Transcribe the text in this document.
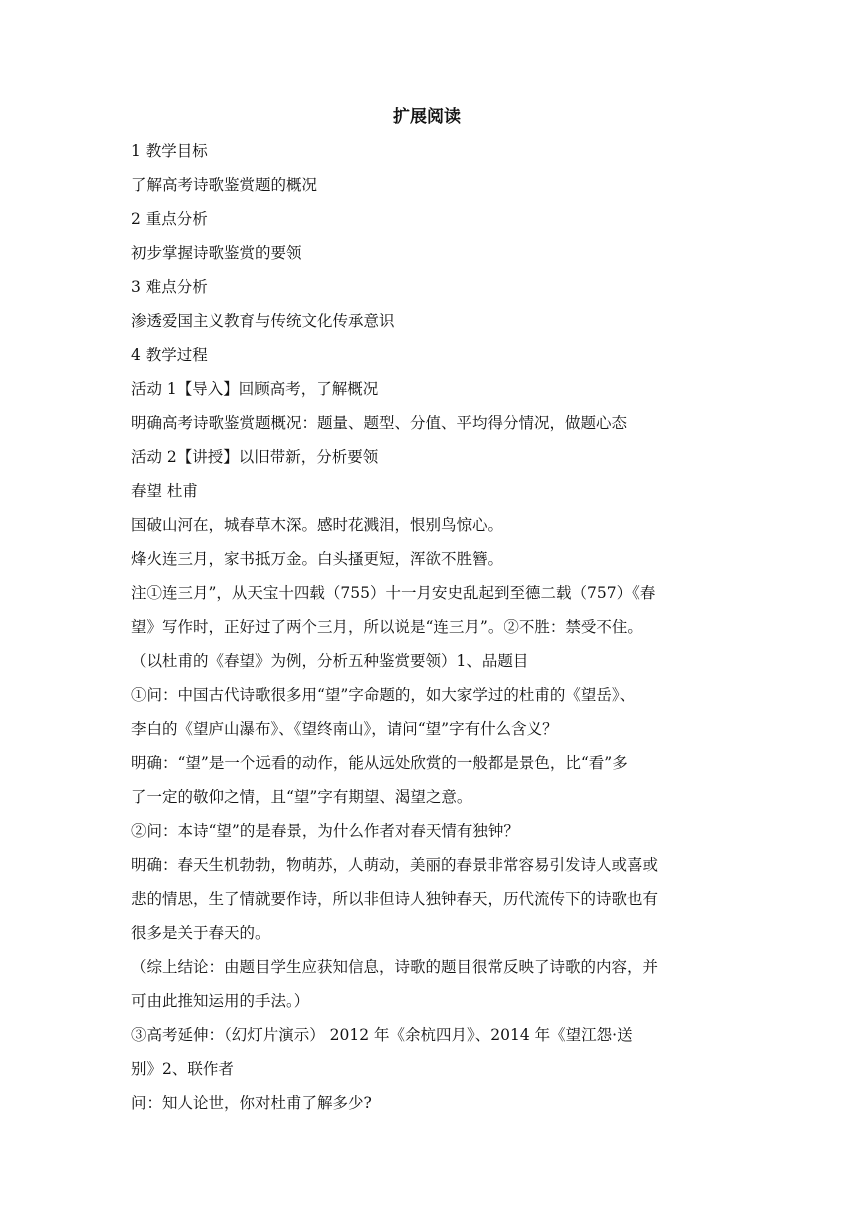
扩展阅读

1 教学目标

了解高考诗歌鉴赏题的概况

2 重点分析

初步掌握诗歌鉴赏的要领

3 难点分析

渗透爱国主义教育与传统文化传承意识

4 教学过程

活动 1【导入】回顾高考，了解概况

明确高考诗歌鉴赏题概况：题量、题型、分值、平均得分情况，做题心态

活动 2【讲授】以旧带新，分析要领

春望 杜甫

国破山河在，城春草木深。感时花溅泪，恨别鸟惊心。

烽火连三月，家书抵万金。白头搔更短，浑欲不胜簪。

注①连三月”，从天宝十四载（755）十一月安史乱起到至德二载（757）《春

望》写作时，正好过了两个三月，所以说是“连三月”。②不胜：禁受不住。

（以杜甫的《春望》为例，分析五种鉴赏要领）1、品题目

①问：中国古代诗歌很多用“望”字命题的，如大家学过的杜甫的《望岳》、

李白的《望庐山瀑布》、《望终南山》，请问“望”字有什么含义？

明确：“望”是一个远看的动作，能从远处欣赏的一般都是景色，比“看”多

了一定的敬仰之情，且“望”字有期望、渴望之意。

②问：本诗“望”的是春景，为什么作者对春天情有独钟？

明确：春天生机勃勃，物萌苏，人萌动，美丽的春景非常容易引发诗人或喜或

悲的情思，生了情就要作诗，所以非但诗人独钟春天，历代流传下的诗歌也有

很多是关于春天的。

（综上结论：由题目学生应获知信息，诗歌的题目很常反映了诗歌的内容，并

可由此推知运用的手法。）

③高考延伸：（幻灯片演示） 2012 年《余杭四月》、2014 年《望江怨·送

别》2、联作者

问：知人论世，你对杜甫了解多少?
